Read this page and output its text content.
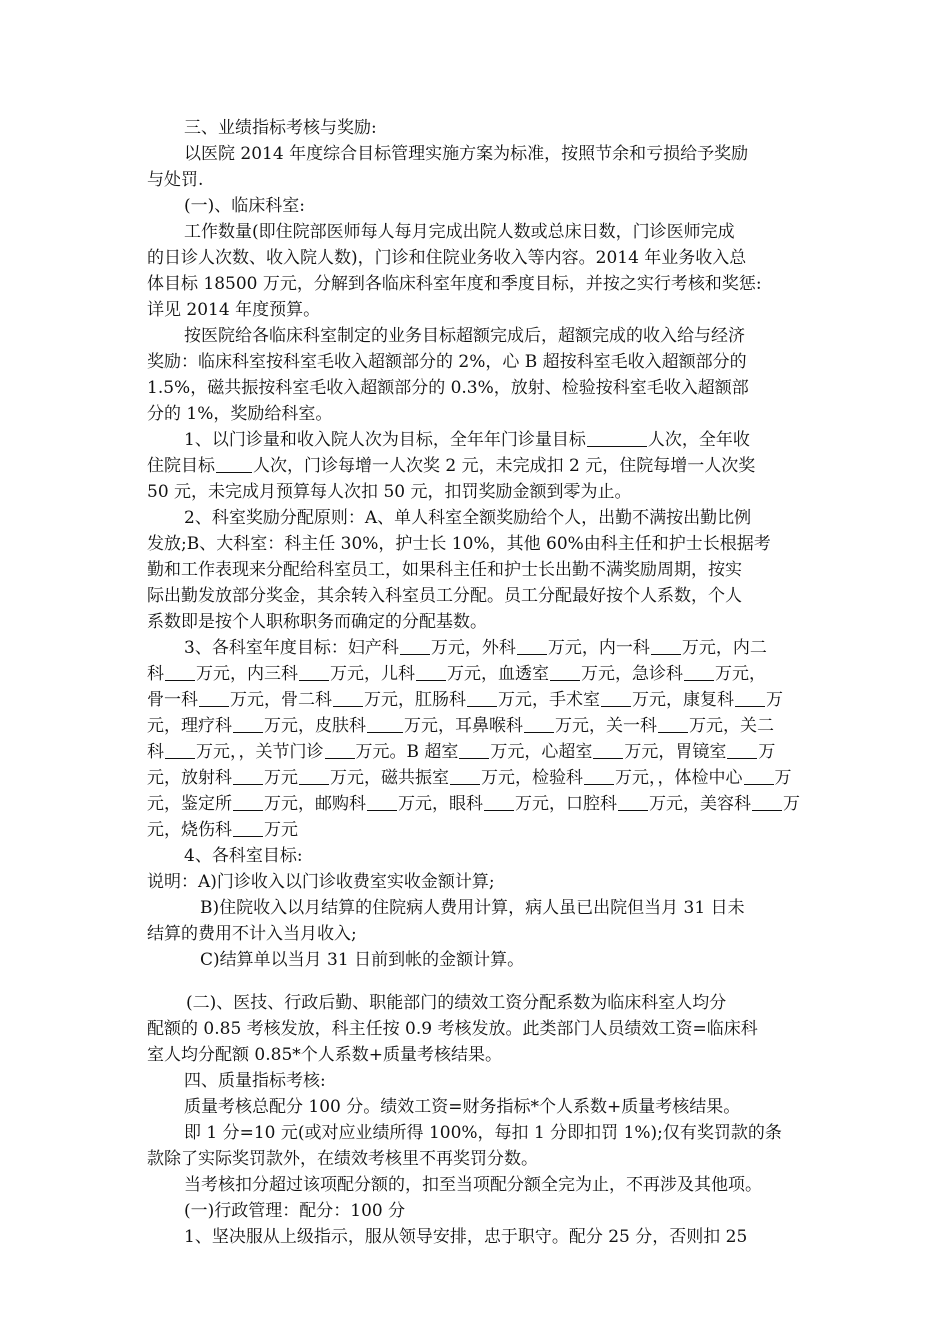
三、业绩指标考核与奖励:
以医院 2014 年度综合目标管理实施方案为标准，按照节余和亏损给予奖励
与处罚.
(一)、临床科室:
工作数量(即住院部医师每人每月完成出院人数或总床日数，门诊医师完成
的日诊人次数、收入院人数)，门诊和住院业务收入等内容。2014 年业务收入总
体目标 18500 万元，分解到各临床科室年度和季度目标，并按之实行考核和奖惩:
详见 2014 年度预算。
按医院给各临床科室制定的业务目标超额完成后，超额完成的收入给与经济
奖励：临床科室按科室毛收入超额部分的 2%，心 B 超按科室毛收入超额部分的
1.5%，磁共振按科室毛收入超额部分的 0.3%，放射、检验按科室毛收入超额部
分的 1%，奖励给科室。
1、以门诊量和收入院人次为目标，全年年门诊量目标	人次，全年收
住院目标 人次，门诊每增一人次奖 2 元，未完成扣 2 元，住院每增一人次奖
50 元，未完成月预算每人次扣 50 元，扣罚奖励金额到零为止。
2、科室奖励分配原则：A、单人科室全额奖励给个人，出勤不满按出勤比例
发放;B、大科室：科主任 30%，护士长 10%，其他 60%由科主任和护士长根据考
勤和工作表现来分配给科室员工，如果科主任和护士长出勤不满奖励周期，按实
际出勤发放部分奖金，其余转入科室员工分配。员工分配最好按个人系数，个人
系数即是按个人职称职务而确定的分配基数。
3、各科室年度目标：妇产科 万元，外科 万元，内一科 万元，内二
科 万元，内三科 万元，儿科 万元，血透室 万元，急诊科 万元，
骨一科 万元，骨二科 万元，肛肠科 万元，手术室 万元，康复科 万
元，理疗科 万元，皮肤科 万元，耳鼻喉科 万元，关一科 万元，关二
科 万元，，关节门诊 万元。B 超室 万元，心超室 万元，胃镜室 万
元，放射科 万元 万元，磁共振室 万元，检验科 万元，，体检中心 万
元，鉴定所 万元，邮购科 万元，眼科 万元，口腔科 万元，美容科 万
元，烧伤科 万元
4、各科室目标:
说明：A)门诊收入以门诊收费室实收金额计算;
B)住院收入以月结算的住院病人费用计算，病人虽已出院但当月 31 日未
结算的费用不计入当月收入;
C)结算单以当月 31 日前到帐的金额计算。
(二)、医技、行政后勤、职能部门的绩效工资分配系数为临床科室人均分
配额的 0.85 考核发放，科主任按 0.9 考核发放。此类部门人员绩效工资=临床科
室人均分配额 0.85*个人系数+质量考核结果。
四、质量指标考核:
质量考核总配分 100 分。绩效工资=财务指标*个人系数+质量考核结果。
即 1 分=10 元(或对应业绩所得 100%，每扣 1 分即扣罚 1%);仅有奖罚款的条
款除了实际奖罚款外，在绩效考核里不再奖罚分数。
当考核扣分超过该项配分额的，扣至当项配分额全完为止，不再涉及其他项。
(一)行政管理：配分：100 分
1、坚决服从上级指示，服从领导安排，忠于职守。配分 25 分，否则扣 25
